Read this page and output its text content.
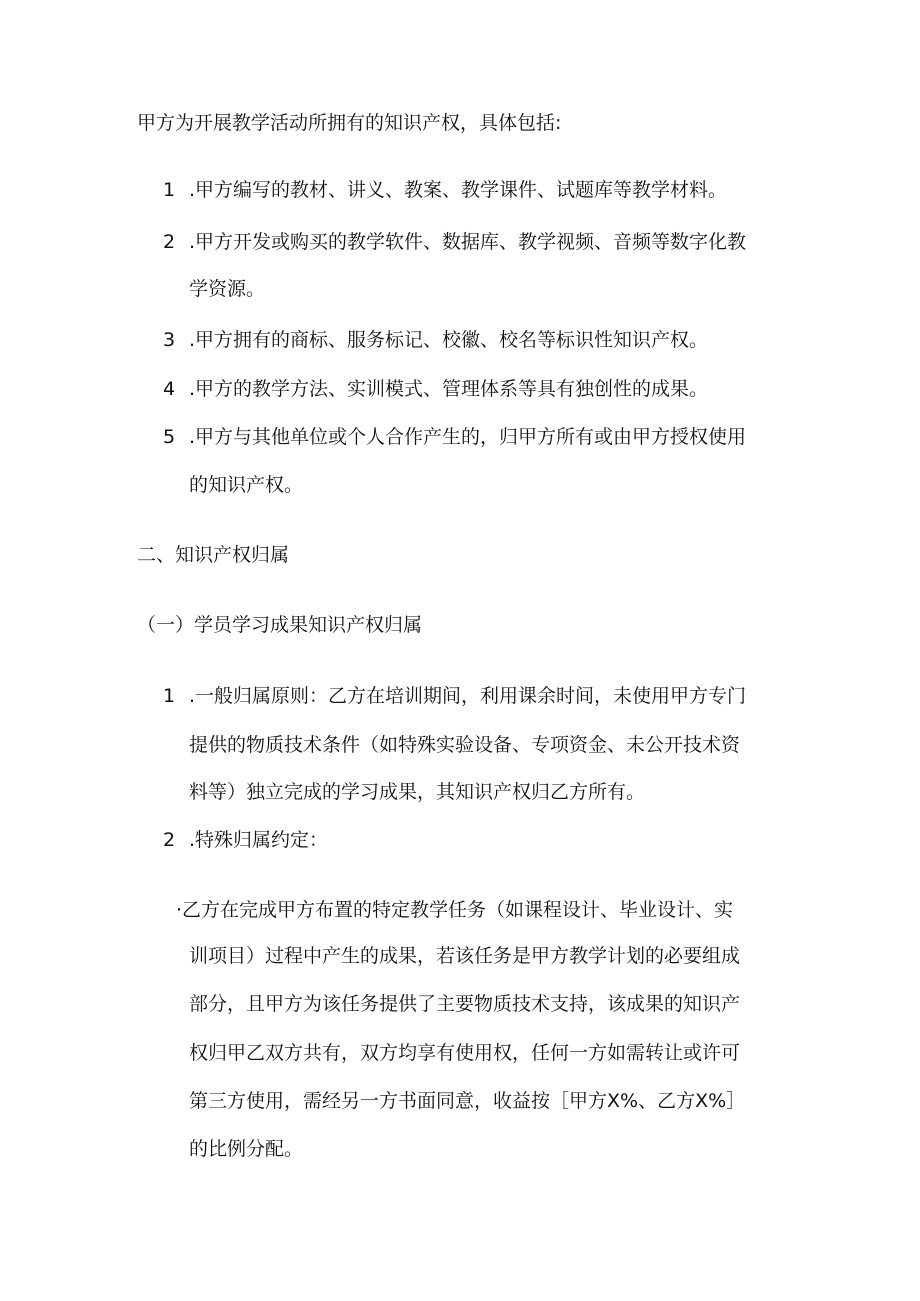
甲方为开展教学活动所拥有的知识产权，具体包括:
1 .甲方编写的教材、讲义、教案、教学课件、试题库等教学材料。
2 .甲方开发或购买的教学软件、数据库、教学视频、音频等数字化教
学资源。
3 .甲方拥有的商标、服务标记、校徽、校名等标识性知识产权。
4 .甲方的教学方法、实训模式、管理体系等具有独创性的成果。
5 .甲方与其他单位或个人合作产生的，归甲方所有或由甲方授权使用
的知识产权。
二、知识产权归属
（一）学员学习成果知识产权归属
1 .一般归属原则：乙方在培训期间，利用课余时间，未使用甲方专门
提供的物质技术条件（如特殊实验设备、专项资金、未公开技术资
料等）独立完成的学习成果，其知识产权归乙方所有。
2 .特殊归属约定：
·乙方在完成甲方布置的特定教学任务（如课程设计、毕业设计、实
训项目）过程中产生的成果，若该任务是甲方教学计划的必要组成
部分，且甲方为该任务提供了主要物质技术支持，该成果的知识产
权归甲乙双方共有，双方均享有使用权，任何一方如需转让或许可
第三方使用，需经另一方书面同意，收益按［甲方X%、乙方X%］
的比例分配。
